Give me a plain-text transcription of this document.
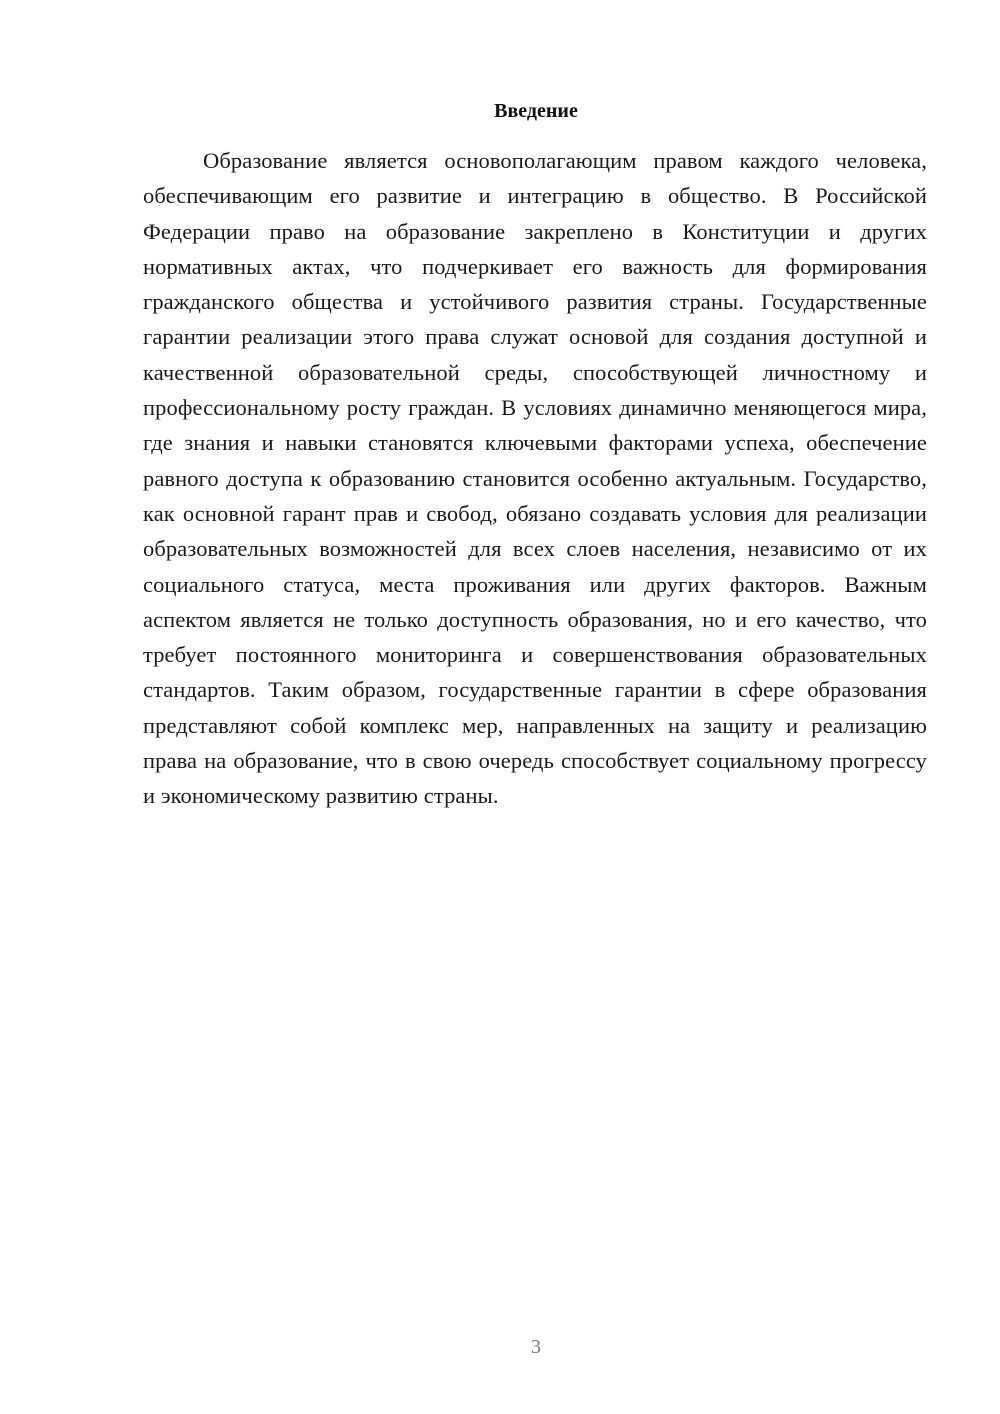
Введение

Образование является основополагающим правом каждого человека, обеспечивающим его развитие и интеграцию в общество. В Российской Федерации право на образование закреплено в Конституции и других нормативных актах, что подчеркивает его важность для формирования гражданского общества и устойчивого развития страны. Государственные гарантии реализации этого права служат основой для создания доступной и качественной образовательной среды, способствующей личностному и профессиональному росту граждан. В условиях динамично меняющегося мира, где знания и навыки становятся ключевыми факторами успеха, обеспечение равного доступа к образованию становится особенно актуальным. Государство, как основной гарант прав и свобод, обязано создавать условия для реализации образовательных возможностей для всех слоев населения, независимо от их социального статуса, места проживания или других факторов. Важным аспектом является не только доступность образования, но и его качество, что требует постоянного мониторинга и совершенствования образовательных стандартов. Таким образом, государственные гарантии в сфере образования представляют собой комплекс мер, направленных на защиту и реализацию права на образование, что в свою очередь способствует социальному прогрессу и экономическому развитию страны.

3
